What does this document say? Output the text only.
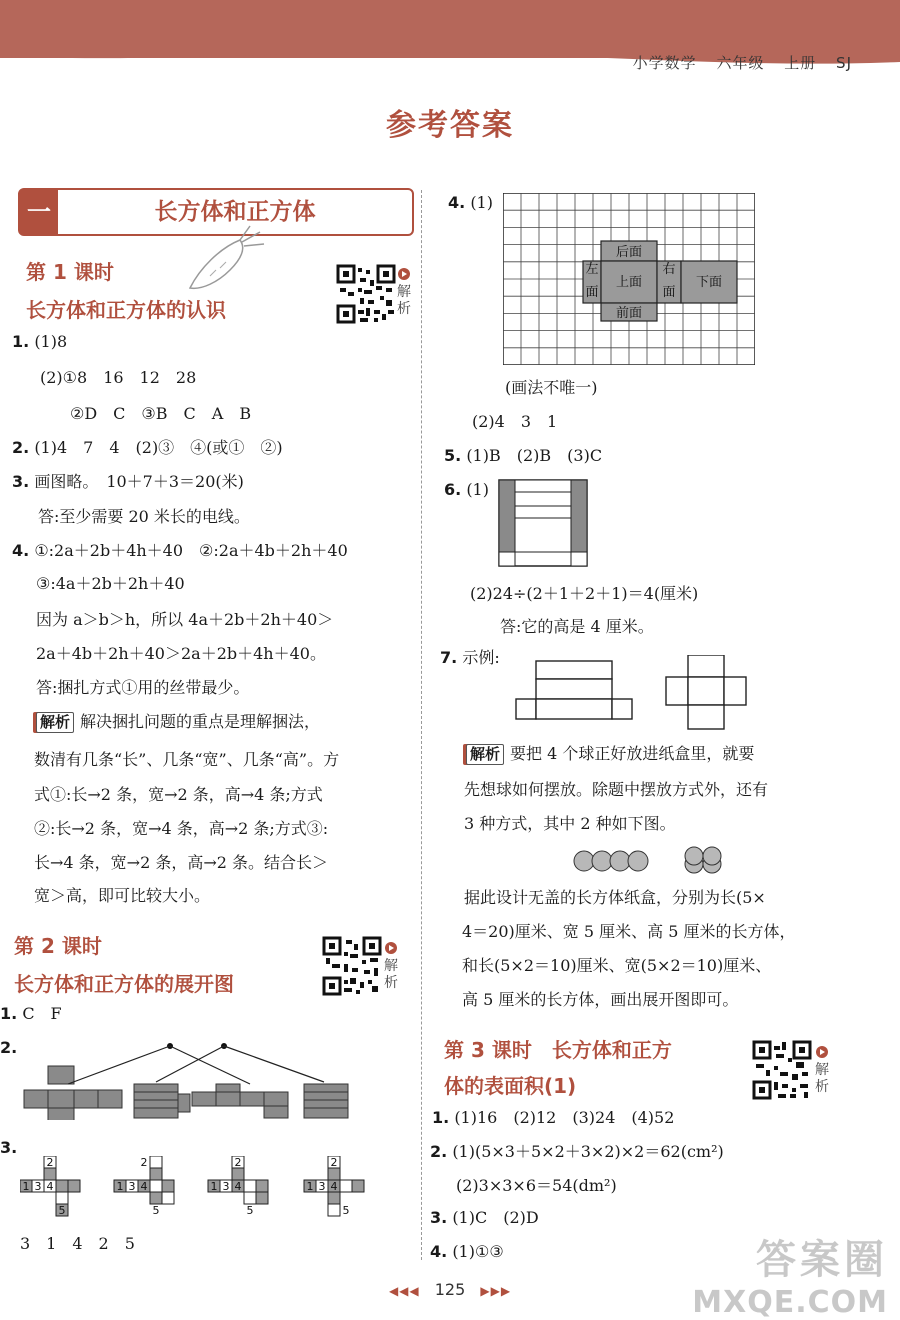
小学数学 六年级 上册 SJ
参考答案
一	长方体和正方体
第 1 课时
长方体和正方体的认识
解析
1. (1)8
(2)①8　16　12　28
②D　C　③B　C　A　B
2. (1)4　7　4　(2)③　④(或①　②)
3. 画图略。　10＋7＋3＝20(米)
答:至少需要 20 米长的电线。
4. ①:2a＋2b＋4h＋40　②:2a＋4b＋2h＋40
③:4a＋2b＋2h＋40
因为 a＞b＞h，所以 4a＋2b＋2h＋40＞
2a＋4b＋2h＋40＞2a＋2b＋4h＋40。
答:捆扎方式①用的丝带最少。
解析 解决捆扎问题的重点是理解捆法，
数清有几条“长”、几条“宽”、几条“高”。方
式①:长→2 条，宽→2 条，高→4 条;方式
②:长→2 条，宽→4 条，高→2 条;方式③:
长→4 条，宽→2 条，高→2 条。结合长＞
宽＞高，即可比较大小。
第 2 课时
长方体和正方体的展开图
解析
1. C　F
2.
3.
1 3 4
2
5
1 3 4
2
5
1 3 4
2
5
1 3 4
2
5
3　1　4　2　5
4. (1)
后面
左
面
上面
右
面
下面
前面
(画法不唯一)
(2)4　3　1
5. (1)B　(2)B　(3)C
6. (1)
(2)24÷(2＋1＋2＋1)＝4(厘米)
答:它的高是 4 厘米。
7. 示例:
解析 要把 4 个球正好放进纸盒里，就要
先想球如何摆放。除题中摆放方式外，还有
3 种方式，其中 2 种如下图。
据此设计无盖的长方体纸盒，分别为长(5×
4＝20)厘米、宽 5 厘米、高 5 厘米的长方体，
和长(5×2＝10)厘米、宽(5×2＝10)厘米、
高 5 厘米的长方体，画出展开图即可。
第 3 课时　 长方体和正方
体的表面积(1)
解析
1. (1)16　(2)12　(3)24　(4)52
2. (1)(5×3＋5×2＋3×2)×2＝62(cm²)
(2)3×3×6＝54(dm²)
3. (1)C　(2)D
4. (1)①③	答案圈
MXQE.COM
◀◀◀ 125 ▶▶▶
